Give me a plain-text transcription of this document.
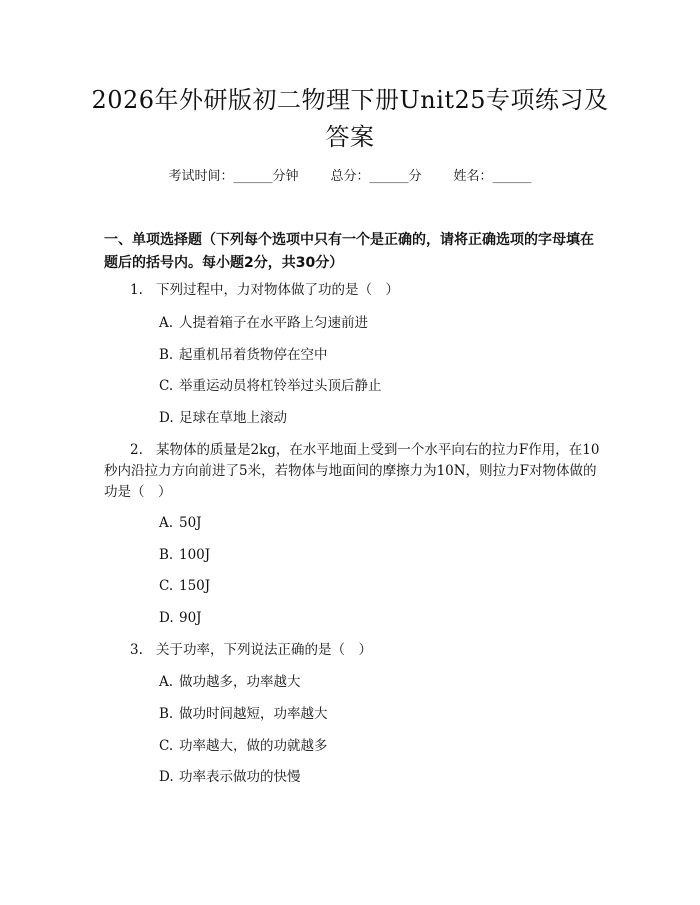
2026年外研版初二物理下册Unit25专项练习及答案
考试时间：______分钟 总分：______分 姓名：______
一、单项选择题（下列每个选项中只有一个是正确的，请将正确选项的字母填在题后的括号内。每小题2分，共30分）
1. 下列过程中，力对物体做了功的是（　）
A. 人提着箱子在水平路上匀速前进
B. 起重机吊着货物停在空中
C. 举重运动员将杠铃举过头顶后静止
D. 足球在草地上滚动
2. 某物体的质量是2kg，在水平地面上受到一个水平向右的拉力F作用，在10秒内沿拉力方向前进了5米，若物体与地面间的摩擦力为10N，则拉力F对物体做的功是（　）
A. 50J
B. 100J
C. 150J
D. 90J
3. 关于功率，下列说法正确的是（　）
A. 做功越多，功率越大
B. 做功时间越短，功率越大
C. 功率越大，做的功就越多
D. 功率表示做功的快慢
